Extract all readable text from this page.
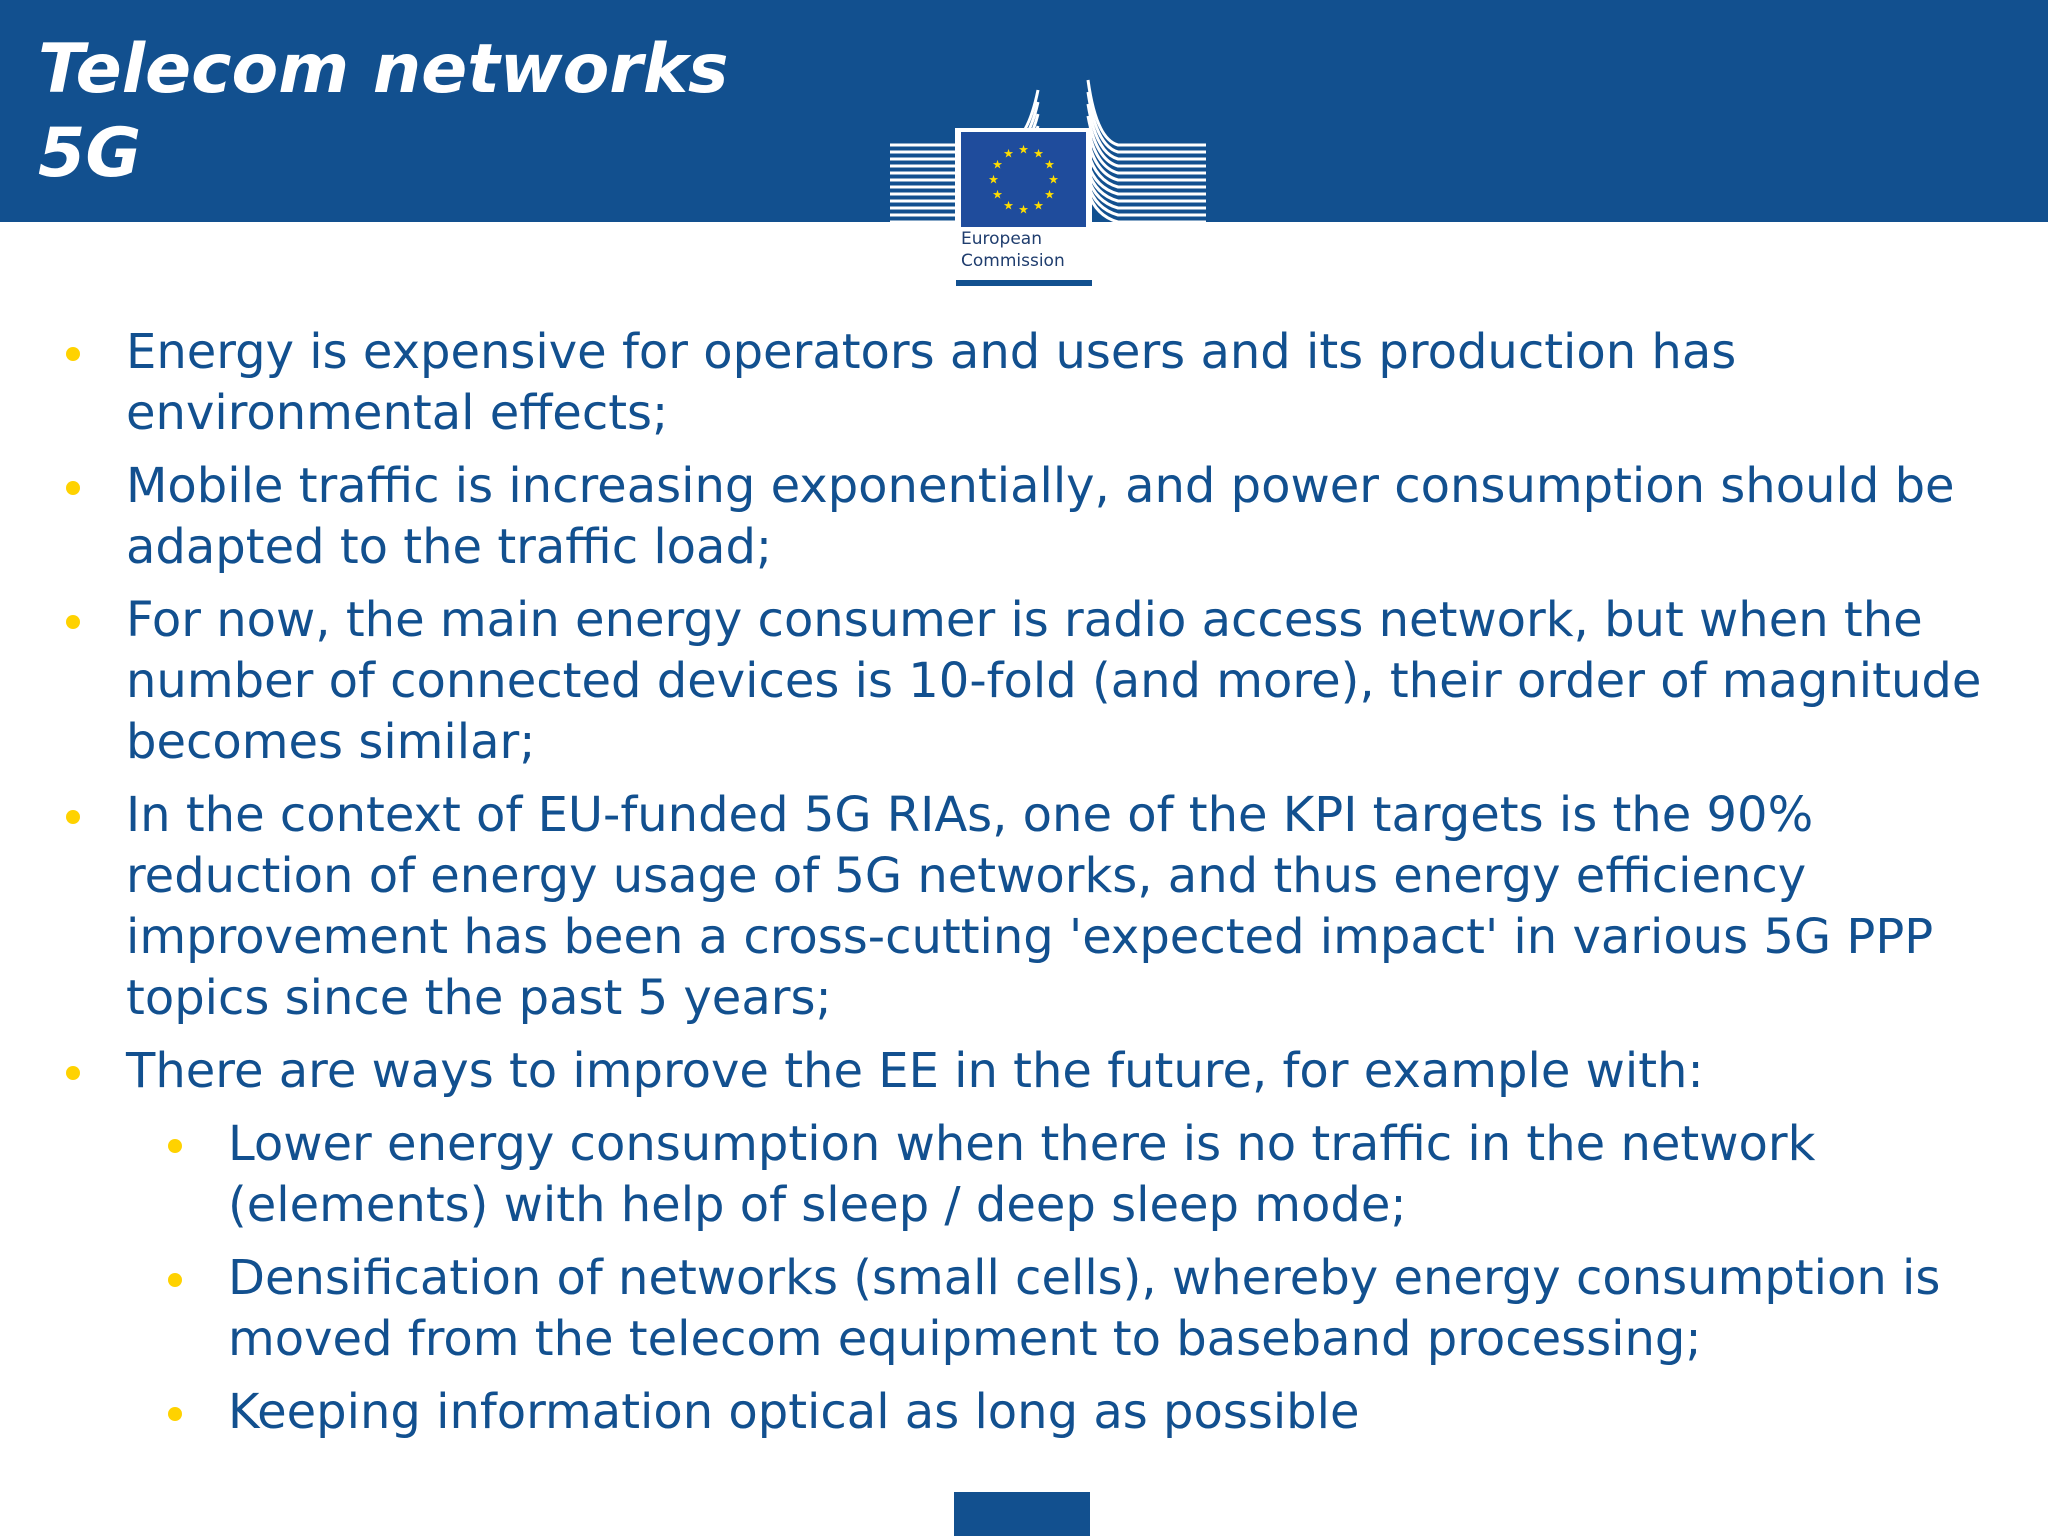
Telecom networks
5G	★ ★
★
★
★
★
★
★
★
★
★
★
European
Commission
Energy is expensive for operators and users and its production has environmental effects;
Mobile traffic is increasing exponentially, and power consumption should be adapted to the traffic load;
For now, the main energy consumer is radio access network, but when the number of connected devices is 10-fold (and more), their order of magnitude becomes similar;
In the context of EU-funded 5G RIAs, one of the KPI targets is the 90% reduction of energy usage of 5G networks, and thus energy efficiency improvement has been a cross-cutting 'expected impact' in various 5G PPP topics since the past 5 years;
There are ways to improve the EE in the future, for example with:
Lower energy consumption when there is no traffic in the network (elements) with help of sleep / deep sleep mode;
Densification of networks (small cells), whereby energy consumption is moved from the telecom equipment to baseband processing;
Keeping information optical as long as possible
